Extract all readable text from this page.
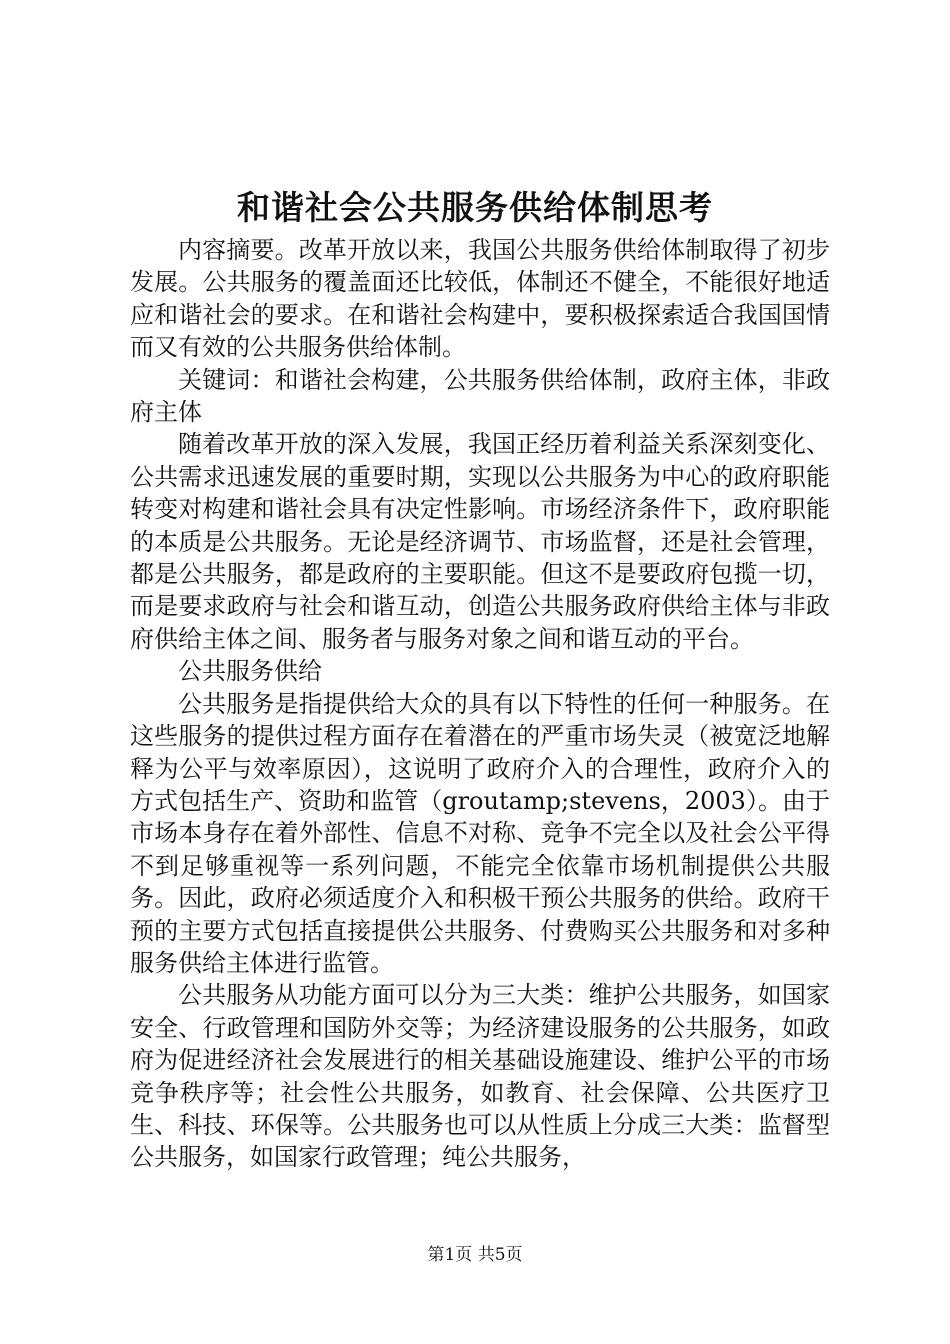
和谐社会公共服务供给体制思考

内容摘要。改革开放以来，我国公共服务供给体制取得了初步发展。公共服务的覆盖面还比较低，体制还不健全，不能很好地适应和谐社会的要求。在和谐社会构建中，要积极探索适合我国国情而又有效的公共服务供给体制。

关键词：和谐社会构建，公共服务供给体制，政府主体，非政府主体

随着改革开放的深入发展，我国正经历着利益关系深刻变化、公共需求迅速发展的重要时期，实现以公共服务为中心的政府职能转变对构建和谐社会具有决定性影响。市场经济条件下，政府职能的本质是公共服务。无论是经济调节、市场监督，还是社会管理，都是公共服务，都是政府的主要职能。但这不是要政府包揽一切，而是要求政府与社会和谐互动，创造公共服务政府供给主体与非政府供给主体之间、服务者与服务对象之间和谐互动的平台。

公共服务供给

公共服务是指提供给大众的具有以下特性的任何一种服务。在这些服务的提供过程方面存在着潜在的严重市场失灵（被宽泛地解释为公平与效率原因），这说明了政府介入的合理性，政府介入的方式包括生产、资助和监管（groutamp;stevens，2003）。由于市场本身存在着外部性、信息不对称、竞争不完全以及社会公平得不到足够重视等一系列问题，不能完全依靠市场机制提供公共服务。因此，政府必须适度介入和积极干预公共服务的供给。政府干预的主要方式包括直接提供公共服务、付费购买公共服务和对多种服务供给主体进行监管。

公共服务从功能方面可以分为三大类：维护公共服务，如国家安全、行政管理和国防外交等；为经济建设服务的公共服务，如政府为促进经济社会发展进行的相关基础设施建设、维护公平的市场竞争秩序等；社会性公共服务，如教育、社会保障、公共医疗卫生、科技、环保等。公共服务也可以从性质上分成三大类：监督型公共服务，如国家行政管理；纯公共服务，

第1页 共5页
